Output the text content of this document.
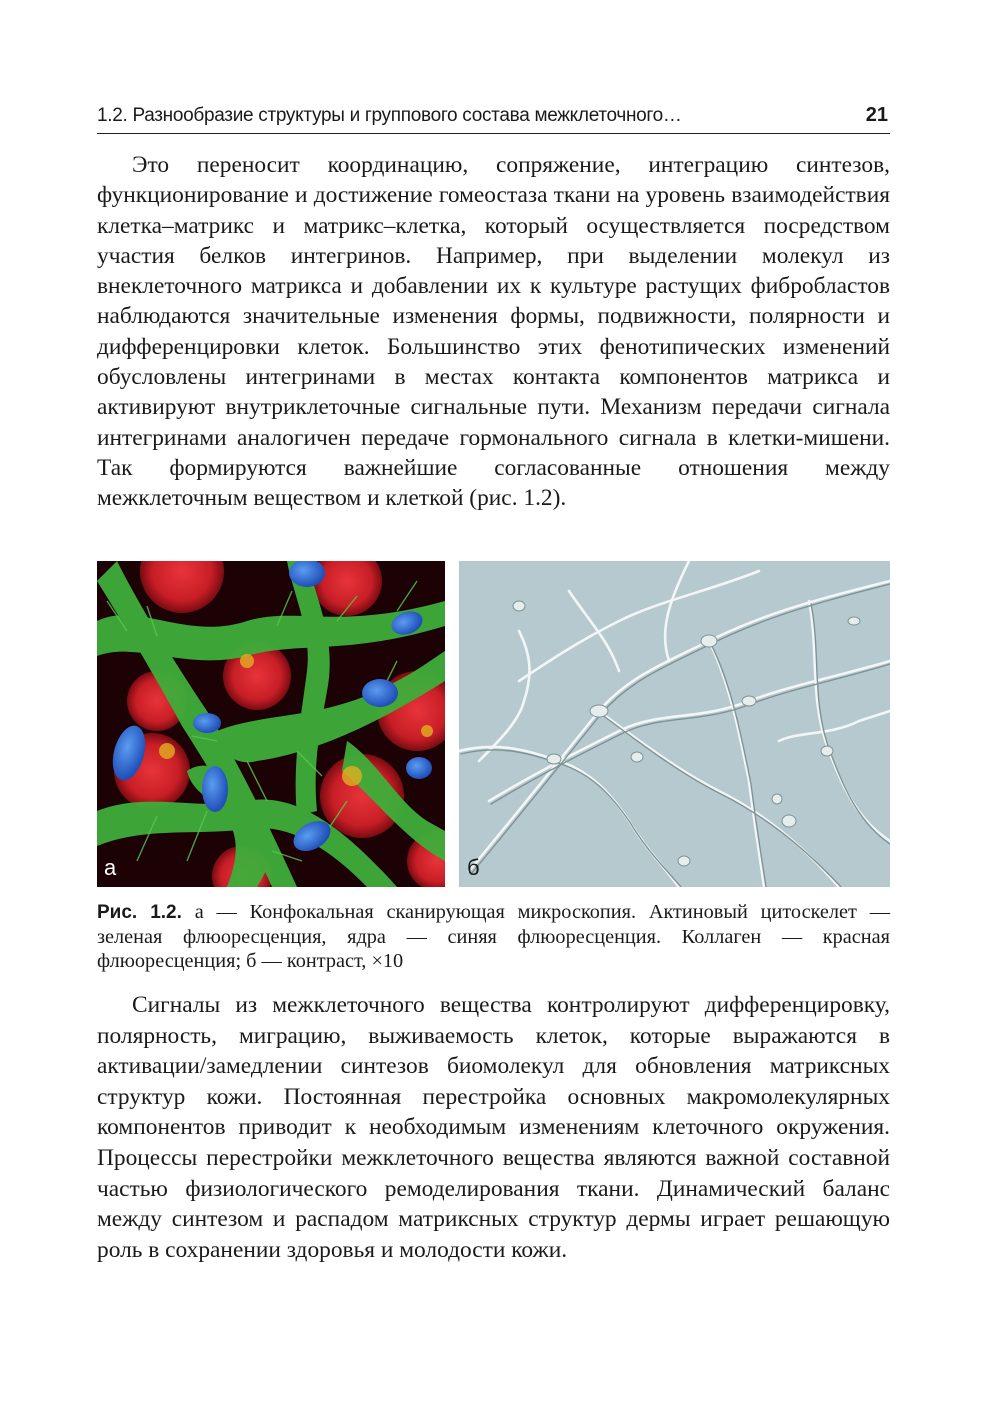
1.2. Разнообразие структуры и группового состава межклеточного…	21

Это переносит координацию, сопряжение, интеграцию синтезов, функционирование и достижение гомеостаза ткани на уровень взаимодействия клетка–матрикс и матрикс–клетка, который осуществляется посредством участия белков интегринов. Например, при выделении молекул из внеклеточного матрикса и добавлении их к культуре растущих фибробластов наблюдаются значительные изменения формы, подвижности, полярности и дифференцировки клеток. Большинство этих фенотипических изменений обусловлены интегринами в местах контакта компонентов матрикса и активируют внутриклеточные сигнальные пути. Механизм передачи сигнала интегринами аналогичен передаче гормонального сигнала в клетки-мишени. Так формируются важнейшие согласованные отношения между межклеточным веществом и клеткой (рис. 1.2).

а	б

Рис. 1.2. а — Конфокальная сканирующая микроскопия. Актиновый цитоскелет — зеленая флюоресценция, ядра — синяя флюоресценция. Коллаген — красная флюоресценция; б — контраст, ×10

Сигналы из межклеточного вещества контролируют дифференцировку, полярность, миграцию, выживаемость клеток, которые выражаются в активации/замедлении синтезов биомолекул для обновления матриксных структур кожи. Постоянная перестройка основных макромолекулярных компонентов приводит к необходимым изменениям клеточного окружения. Процессы перестройки межклеточного вещества являются важной составной частью физиологического ремоделирования ткани. Динамический баланс между синтезом и распадом матриксных структур дермы играет решающую роль в сохранении здоровья и молодости кожи.
